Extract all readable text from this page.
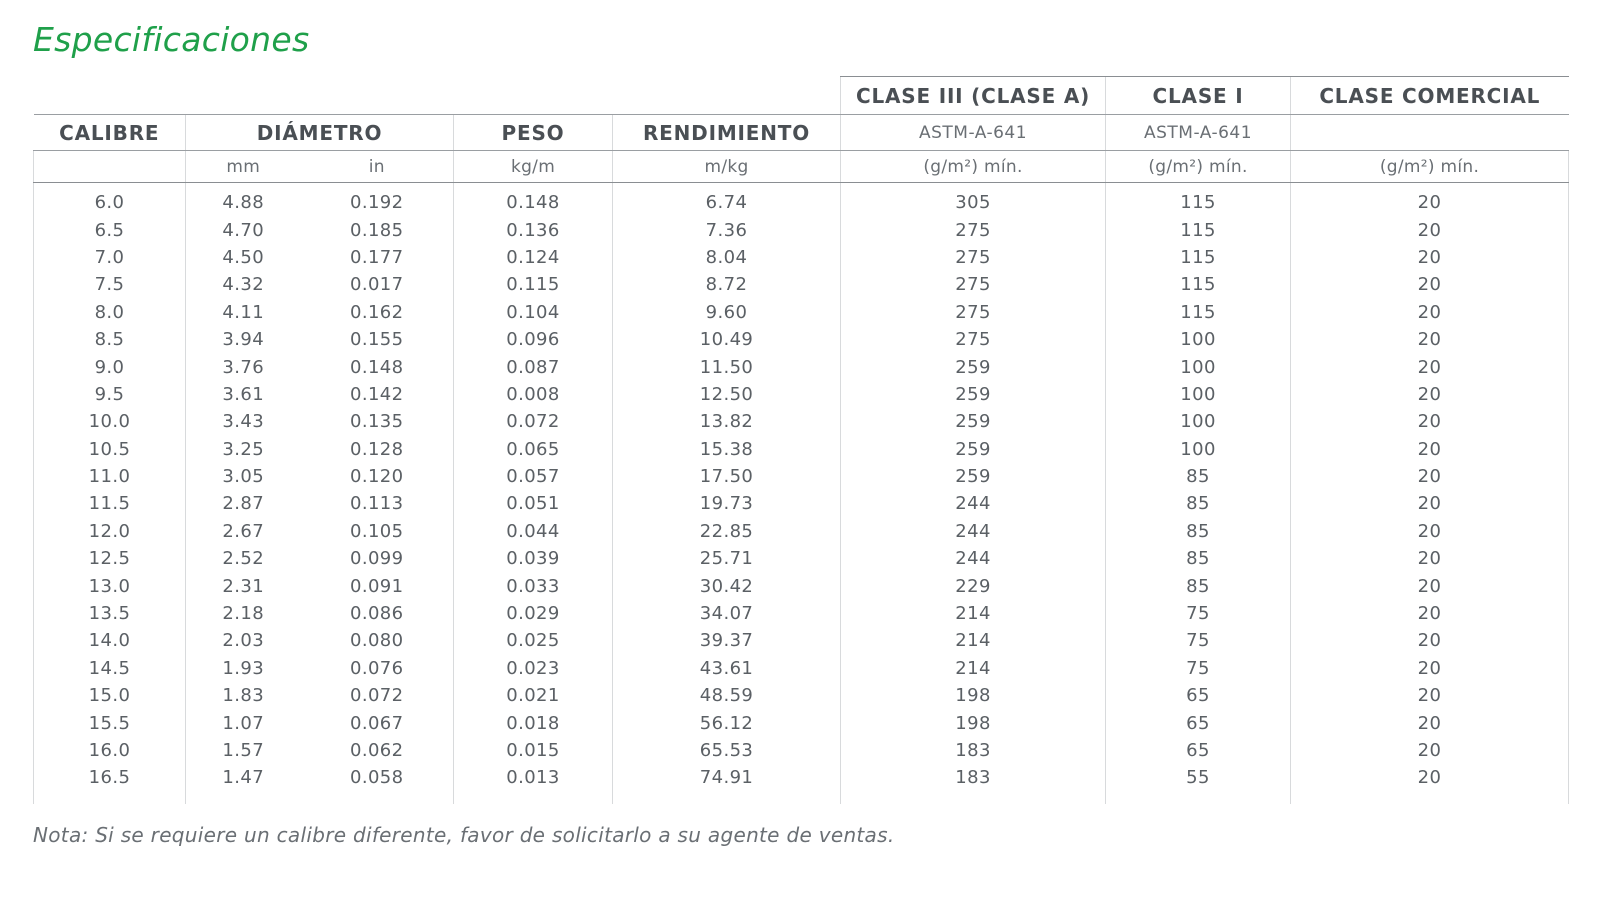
Especificaciones
					CLASE III (CLASE A)	CLASE I	CLASE COMERCIAL
CALIBRE	DIÁMETRO		PESO	RENDIMIENTO	ASTM-A-641	ASTM-A-641	
	mm	in	kg/m	m/kg	(g/m²) mín.	(g/m²) mín.	(g/m²) mín.
6.0	4.88	0.192	0.148	6.74	305	115	20
6.5	4.70	0.185	0.136	7.36	275	115	20
7.0	4.50	0.177	0.124	8.04	275	115	20
7.5	4.32	0.017	0.115	8.72	275	115	20
8.0	4.11	0.162	0.104	9.60	275	115	20
8.5	3.94	0.155	0.096	10.49	275	100	20
9.0	3.76	0.148	0.087	11.50	259	100	20
9.5	3.61	0.142	0.008	12.50	259	100	20
10.0	3.43	0.135	0.072	13.82	259	100	20
10.5	3.25	0.128	0.065	15.38	259	100	20
11.0	3.05	0.120	0.057	17.50	259	85	20
11.5	2.87	0.113	0.051	19.73	244	85	20
12.0	2.67	0.105	0.044	22.85	244	85	20
12.5	2.52	0.099	0.039	25.71	244	85	20
13.0	2.31	0.091	0.033	30.42	229	85	20
13.5	2.18	0.086	0.029	34.07	214	75	20
14.0	2.03	0.080	0.025	39.37	214	75	20
14.5	1.93	0.076	0.023	43.61	214	75	20
15.0	1.83	0.072	0.021	48.59	198	65	20
15.5	1.07	0.067	0.018	56.12	198	65	20
16.0	1.57	0.062	0.015	65.53	183	65	20
16.5	1.47	0.058	0.013	74.91	183	55	20

Nota: Si se requiere un calibre diferente, favor de solicitarlo a su agente de ventas.
